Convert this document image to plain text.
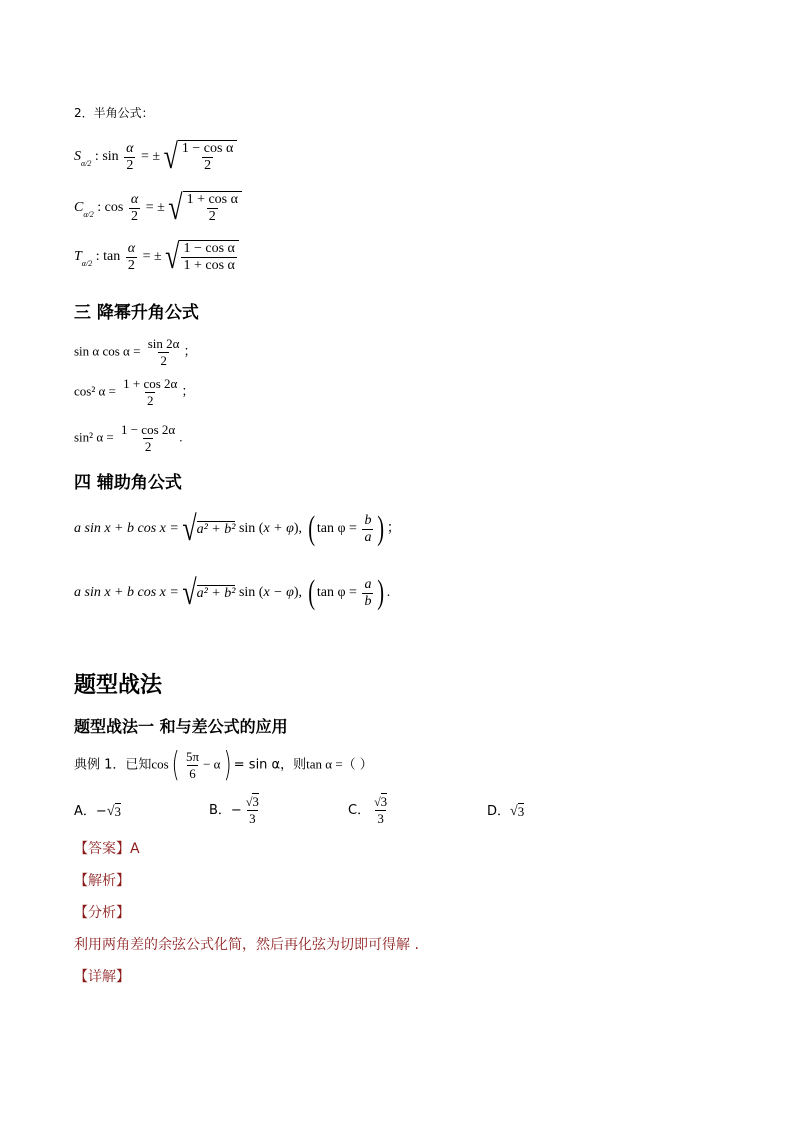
2．半角公式：
$S_{\alpha/2}$ : $\sin \frac{\alpha}{2}$ = ± √ $\frac{\text{1 − cos α}}{2}$
$C_{\alpha/2}$ : $\cos \frac{\alpha}{2}$ = ± √ $\frac{\text{1 + cos α}}{2}$
$T_{\alpha/2}$ : $\tan \frac{\alpha}{2}$ = ± √ $\frac{\text{1 − cos α}}{\text{1 + cos α}}$
三 降幂升角公式
sin α $\cos \alpha = \frac{\sin 2\alpha}{2}$ ；
cos² $\alpha = \frac{1 + \cos 2\alpha}{2}$ ；
sin² $\alpha = \frac{1 - \cos 2\alpha}{2}$ .
四 辅助角公式
a sin x + b cos x = √ a² + b² sin (x + φ), ( $\tan \varphi = \frac{b}{a}$ ) ；
a sin x + b cos x = √ a² + b² sin (x − φ), ( $\tan \varphi = \frac{a}{b}$ ) .
题型战法
题型战法一 和与差公式的应用
典例 1．已知$\cos( \frac{5\pi}{6} - \alpha) = \sin \alpha$，则tan α =（ ）
A．− √ 3	B．− $\frac{√3}{3}$	C． $\frac{√3}{3}$	D． √ 3
【答案】A
【解析】
【分析】
利用两角差的余弦公式化简，然后再化弦为切即可得解 .
【详解】
